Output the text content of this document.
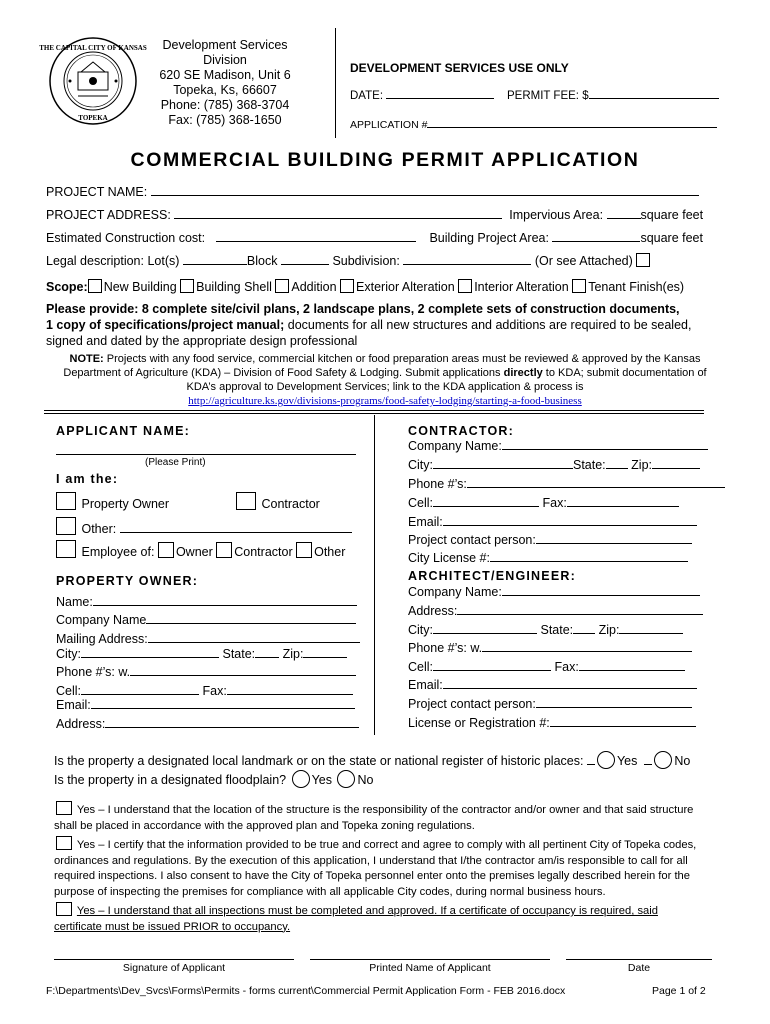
THE CAPITAL CITY OF KANSAS
TOPEKA
Development Services Division
620 SE Madison, Unit 6
Topeka, Ks, 66607
Phone: (785) 368-3704
Fax: (785) 368-1650
DEVELOPMENT SERVICES USE ONLY
DATE:	PERMIT FEE: $
APPLICATION #
COMMERCIAL BUILDING PERMIT APPLICATION
PROJECT NAME:
PROJECT ADDRESS:	Impervious Area:	square feet
Estimated Construction cost:	Building Project Area:	square feet
Legal description: Lot(s)	Block	Subdivision:	(Or see Attached)
Scope: New Building Building Shell Addition Exterior Alteration Interior Alteration Tenant Finish(es)
Please provide: 8 complete site/civil plans, 2 landscape plans, 2 complete sets of construction documents,
1 copy of specifications/project manual; documents for all new structures and additions are required to be sealed,
signed and dated by the appropriate design professional
NOTE: Projects with any food service, commercial kitchen or food preparation areas must be reviewed & approved by the Kansas
Department of Agriculture (KDA) – Division of Food Safety & Lodging. Submit applications directly to KDA; submit documentation of
KDA’s approval to Development Services; link to the KDA application & process is
http://agriculture.ks.gov/divisions-programs/food-safety-lodging/starting-a-food-business
APPLICANT NAME:
(Please Print)
I am the:
Property Owner	Contractor
Other:
Employee of: Owner Contractor Other
PROPERTY OWNER:
Name:
Company Name
Mailing Address:
City:	State: Zip:
Phone #’s: w.
Cell:	Fax:
Email:
Address:
CONTRACTOR:
Company Name:
City:	State: Zip:
Phone #’s:
Cell:	Fax:
Email:
Project contact person:
City License #:
ARCHITECT/ENGINEER:
Company Name:
Address:
City:	State: Zip:
Phone #’s: w.
Cell:	Fax:
Email:
Project contact person:
License or Registration #:
Is the property a designated local landmark or on the state or national register of historic places:	Yes	No
Is the property in a designated floodplain? Yes No
Yes – I understand that the location of the structure is the responsibility of the contractor and/or owner and that said structure
shall be placed in accordance with the approved plan and Topeka zoning regulations.
Yes – I certify that the information provided to be true and correct and agree to comply with all pertinent City of Topeka codes,
ordinances and regulations. By the execution of this application, I understand that I/the contractor am/is responsible to call for all
required inspections. I also consent to have the City of Topeka personnel enter onto the premises legally described herein for the
purpose of inspecting the premises for compliance with all applicable City codes, during normal business hours.
Yes – I understand that all inspections must be completed and approved. If a certificate of occupancy is required, said
certificate must be issued PRIOR to occupancy.
Signature of Applicant	Printed Name of Applicant	Date
F:\Departments\Dev_Svcs\Forms\Permits - forms current\Commercial Permit Application Form - FEB 2016.docx	Page 1 of 2
